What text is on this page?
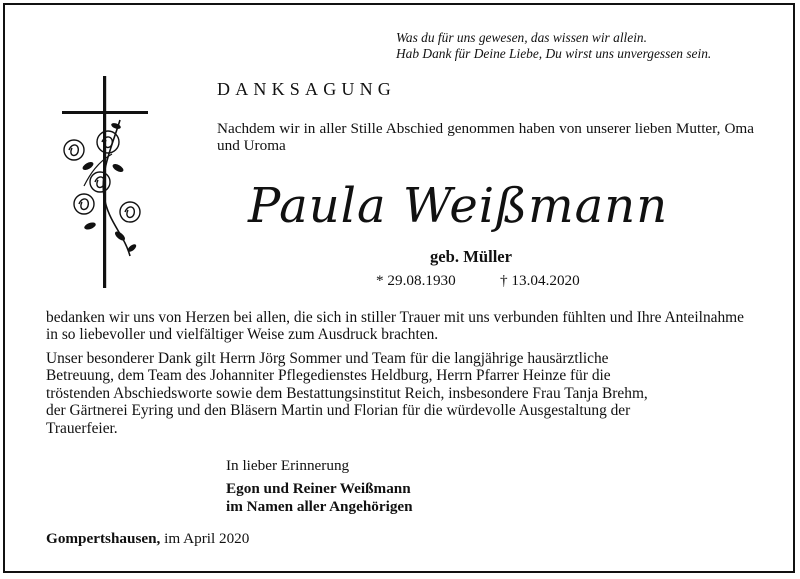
Was du für uns gewesen, das wissen wir allein.
Hab Dank für Deine Liebe, Du wirst uns unvergessen sein.
DANKSAGUNG
Nachdem wir in aller Stille Abschied genommen haben von unserer lieben Mutter, Oma und Uroma
Paula Weißmann
geb. Müller
* 29.08.1930	† 13.04.2020
bedanken wir uns von Herzen bei allen, die sich in stiller Trauer mit uns verbunden fühlten und Ihre Anteilnahme in so liebevoller und vielfältiger Weise zum Ausdruck brachten.
Unser besonderer Dank gilt Herrn Jörg Sommer und Team für die langjährige hausärztliche
Betreuung, dem Team des Johanniter Pflegedienstes Heldburg, Herrn Pfarrer Heinze für die
tröstenden Abschiedsworte sowie dem Bestattungsinstitut Reich, insbesondere Frau Tanja Brehm,
der Gärtnerei Eyring und den Bläsern Martin und Florian für die würdevolle Ausgestaltung der
Trauerfeier.
In lieber Erinnerung
Egon und Reiner Weißmann
im Namen aller Angehörigen
Gompertshausen, im April 2020
